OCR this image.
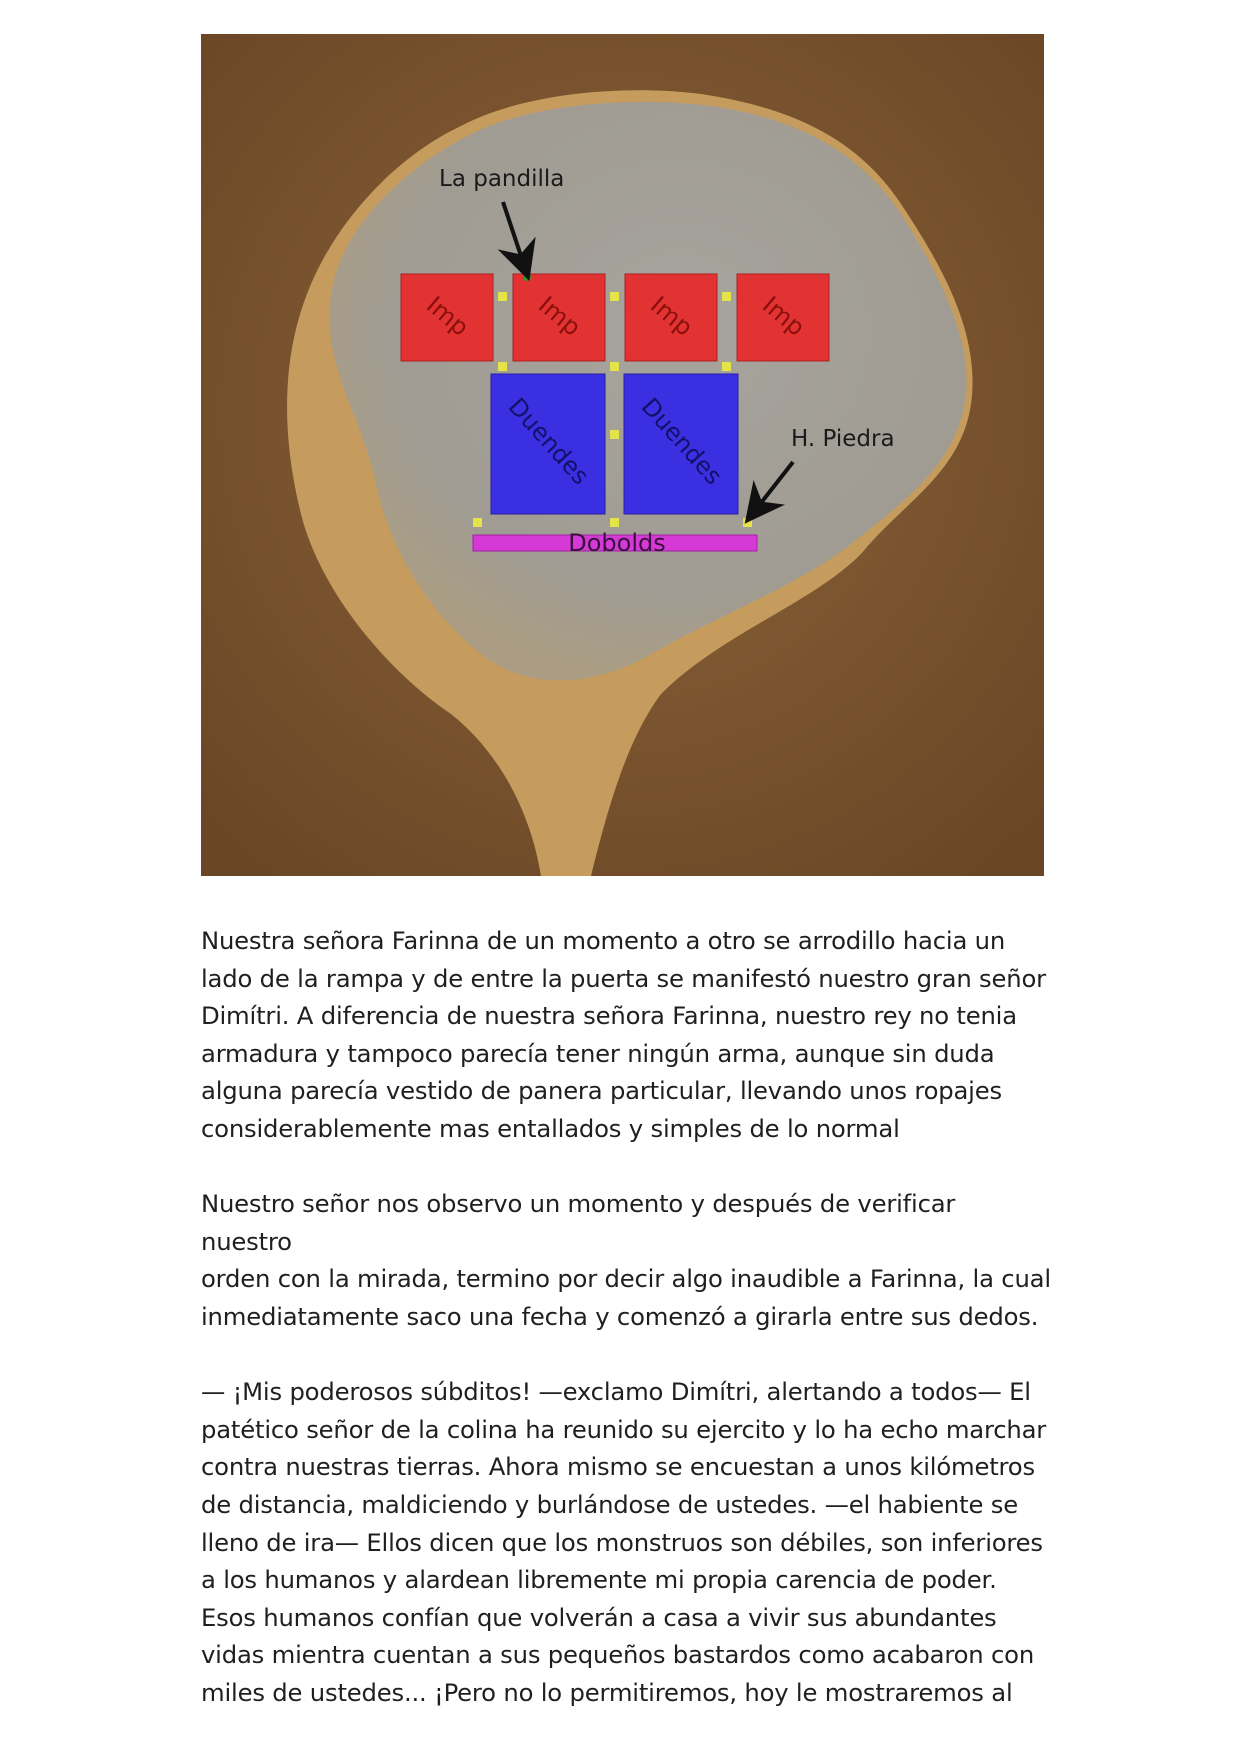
Imp Imp Imp Imp
Duendes Duendes
Dobolds
La pandilla
H. Piedra

Nuestra señora Farinna de un momento a otro se arrodillo hacia un
lado de la rampa y de entre la puerta se manifestó nuestro gran señor
Dimítri. A diferencia de nuestra señora Farinna, nuestro rey no tenia
armadura y tampoco parecía tener ningún arma, aunque sin duda
alguna parecía vestido de panera particular, llevando unos ropajes
considerablemente mas entallados y simples de lo normal

Nuestro señor nos observo un momento y después de verificar nuestro
orden con la mirada, termino por decir algo inaudible a Farinna, la cual
inmediatamente saco una fecha y comenzó a girarla entre sus dedos.

— ¡Mis poderosos súbditos! —exclamo Dimítri, alertando a todos— El
patético señor de la colina ha reunido su ejercito y lo ha echo marchar
contra nuestras tierras. Ahora mismo se encuestan a unos kilómetros
de distancia, maldiciendo y burlándose de ustedes. —el habiente se
lleno de ira— Ellos dicen que los monstruos son débiles, son inferiores
a los humanos y alardean libremente mi propia carencia de poder.
Esos humanos confían que volverán a casa a vivir sus abundantes
vidas mientra cuentan a sus pequeños bastardos como acabaron con
miles de ustedes... ¡Pero no lo permitiremos, hoy le mostraremos al
